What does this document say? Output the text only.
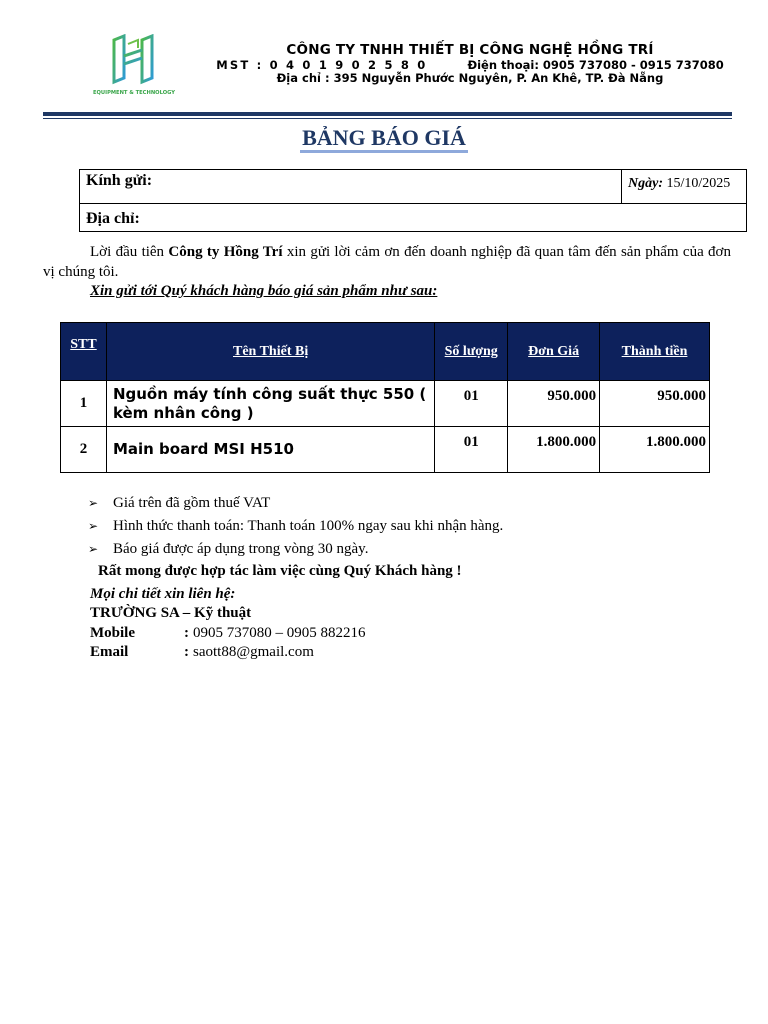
EQUIPMENT & TECHNOLOGY
CÔNG TY TNHH THIẾT BỊ CÔNG NGHỆ HỒNG TRÍ
MST : 0 4 0 1 9 0 2 5 8 0	Điện thoại: 0905 737080 - 0915 737080
Địa chỉ : 395 Nguyễn Phước Nguyên, P. An Khê, TP. Đà Nẵng
BẢNG BÁO GIÁ
Kính gửi:
Địa chỉ:
Ngày: 15/10/2025
Lời đầu tiên Công ty Hồng Trí xin gửi lời cảm ơn đến doanh nghiệp đã quan tâm đến sản phẩm của đơn vị chúng tôi.
Xin gửi tới Quý khách hàng báo giá sản phẩm như sau:
STT	Tên Thiết Bị	Số lượng	Đơn Giá	Thành tiền
1	Nguồn máy tính công suất thực 550 ( kèm nhân công )	01	950.000	950.000
2	Main board MSI H510	01	1.800.000	1.800.000
➢ Giá trên đã gồm thuế VAT
➢ Hình thức thanh toán: Thanh toán 100% ngay sau khi nhận hàng.
➢ Báo giá được áp dụng trong vòng 30 ngày.
Rất mong được hợp tác làm việc cùng Quý Khách hàng !
Mọi chi tiết xin liên hệ:
TRƯỜNG SA – Kỹ thuật
Mobile	: 0905 737080 – 0905 882216
Email	: saott88@gmail.com
